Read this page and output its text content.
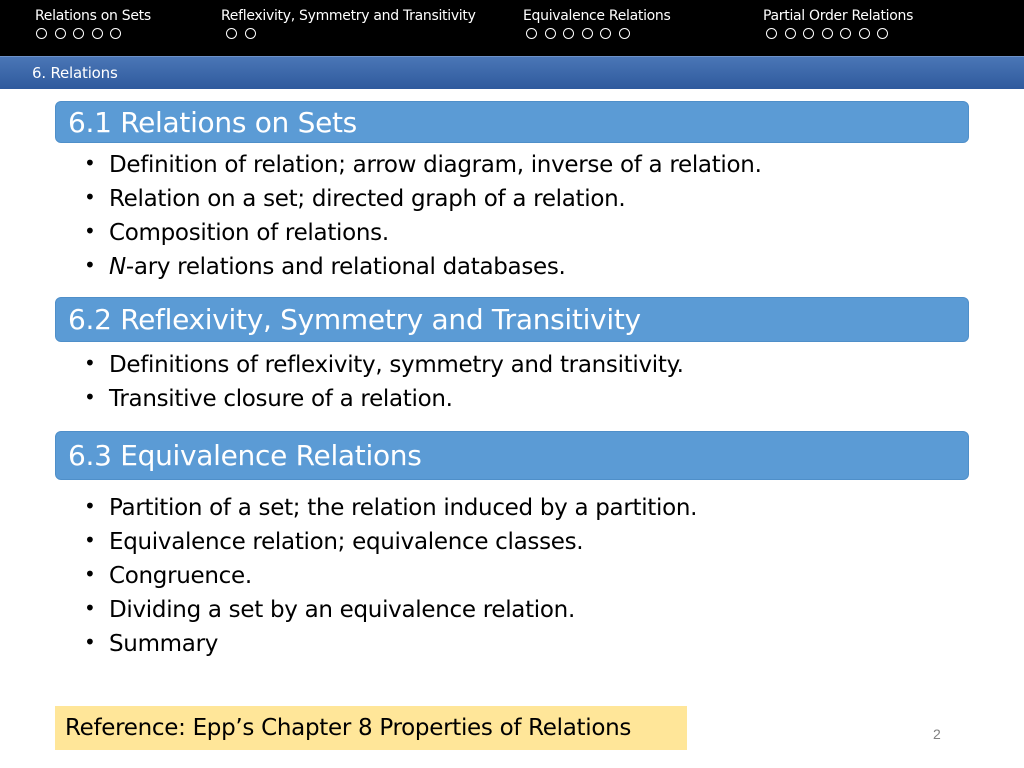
Relations on Sets	Reflexivity, Symmetry and Transitivity	Equivalence Relations	Partial Order Relations
6. Relations
6.1 Relations on Sets
• Definition of relation; arrow diagram, inverse of a relation.
• Relation on a set; directed graph of a relation.
• Composition of relations.
• N-ary relations and relational databases.
6.2 Reflexivity, Symmetry and Transitivity
• Definitions of reflexivity, symmetry and transitivity.
• Transitive closure of a relation.
6.3 Equivalence Relations
• Partition of a set; the relation induced by a partition.
• Equivalence relation; equivalence classes.
• Congruence.
• Dividing a set by an equivalence relation.
• Summary
Reference: Epp’s Chapter 8 Properties of Relations	2
